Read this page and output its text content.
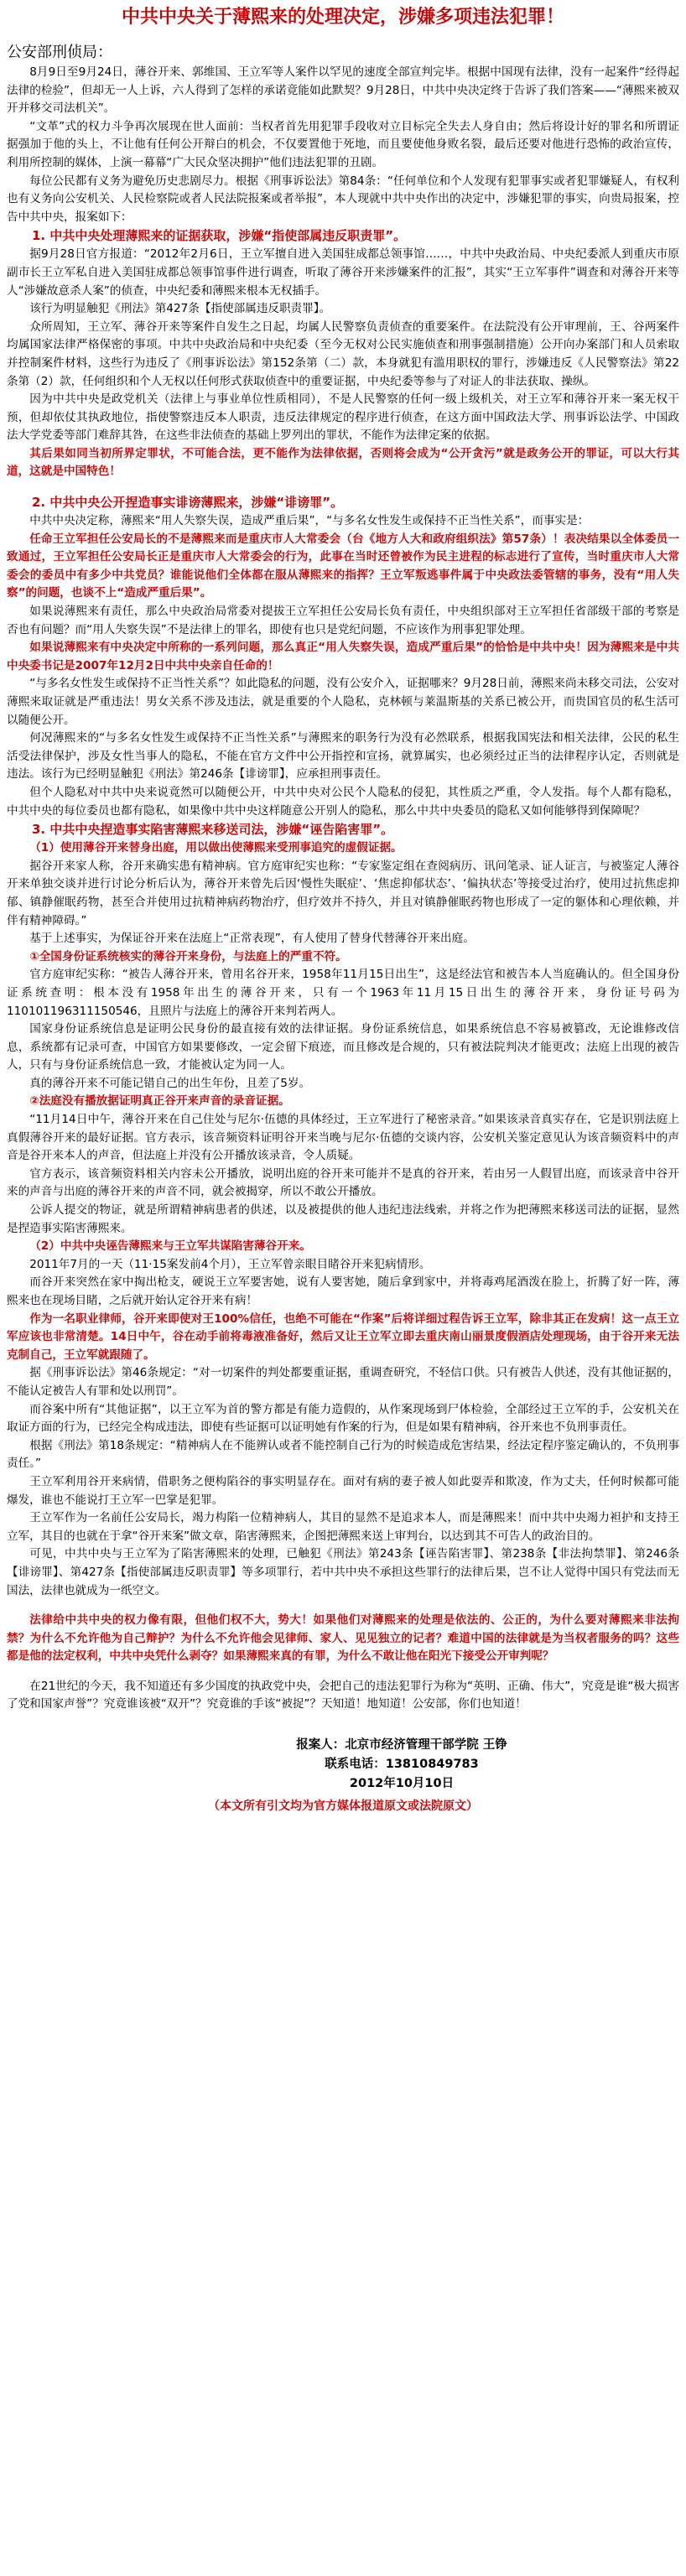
中共中央关于薄熙来的处理决定，涉嫌多项违法犯罪！
公安部刑侦局：
8月9日至9月24日，薄谷开来、郭维国、王立军等人案件以罕见的速度全部宣判完毕。根据中国现有法律，没有一起案件“经得起法律的检验”，但却无一人上诉，六人得到了怎样的承诺竟能如此默契？9月28日，中共中央决定终于告诉了我们答案——“薄熙来被双开并移交司法机关”。
“文革”式的权力斗争再次展现在世人面前：当权者首先用犯罪手段收对立目标完全失去人身自由；然后将设计好的罪名和所谓证据强加于他的头上，不让他有任何公开辩白的机会，不仅要置他于死地，而且要使他身败名裂，最后还要对他进行恐怖的政治宣传，利用所控制的媒体，上演一幕幕“广大民众坚决拥护”他们违法犯罪的丑剧。
每位公民都有义务为避免历史悲剧尽力。根据《刑事诉讼法》第84条：“任何单位和个人发现有犯罪事实或者犯罪嫌疑人，有权利也有义务向公安机关、人民检察院或者人民法院报案或者举报”，本人现就中共中央作出的决定中，涉嫌犯罪的事实，向贵局报案，控告中共中央，报案如下：
1. 中共中央处理薄熙来的证据获取，涉嫌“指使部属违反职责罪”。
据9月28日官方报道：“2012年2月6日，王立军擅自进入美国驻成都总领事馆……，中共中央政治局、中央纪委派人到重庆市原副市长王立军私自进入美国驻成都总领事馆事件进行调查，听取了薄谷开来涉嫌案件的汇报”，其实“王立军事件”调查和对薄谷开来等人“涉嫌故意杀人案”的侦查，中央纪委和薄熙来根本无权插手。
该行为明显触犯《刑法》第427条【指使部属违反职责罪】。
众所周知，王立军、薄谷开来等案件自发生之日起，均属人民警察负责侦查的重要案件。在法院没有公开审理前，王、谷两案件均属国家法律严格保密的事项。中共中央政治局和中央纪委（至今无权对公民实施侦查和刑事强制措施）公开向办案部门和人员索取并控制案件材料，这些行为违反了《刑事诉讼法》第152条第（二）款，本身就犯有滥用职权的罪行，涉嫌违反《人民警察法》第22条第（2）款，任何组织和个人无权以任何形式获取侦查中的重要证据，中央纪委等参与了对证人的非法获取、操纵。
因为中共中央是政党机关（法律上与事业单位性质相同），不是人民警察的任何一级上级机关，对王立军和薄谷开来一案无权干预，但却依仗其执政地位，指使警察违反本人职责，违反法律规定的程序进行侦查，在这方面中国政法大学、刑事诉讼法学、中国政法大学党委等部门难辞其咎，在这些非法侦查的基础上罗列出的罪状，不能作为法律定案的依据。
其后果如同当初所界定罪状，不可能合法，更不能作为法律依据，否则将会成为“公开贪污”就是政务公开的罪证，可以大行其道，这就是中国特色！
2. 中共中央公开捏造事实诽谤薄熙来，涉嫌“诽谤罪”。
中共中央决定称，薄熙来“用人失察失误，造成严重后果”，“与多名女性发生或保持不正当性关系”，而事实是：
任命王立军担任公安局长的不是薄熙来而是重庆市人大常委会（台《地方人大和政府组织法》第57条）！表决结果以全体委员一致通过，王立军担任公安局长正是重庆市人大常委会的行为，此事在当时还曾被作为民主进程的标志进行了宣传，当时重庆市人大常委会的委员中有多少中共党员？谁能说他们全体都在服从薄熙来的指挥？王立军叛逃事件属于中央政法委管辖的事务，没有“用人失察”的问题，也谈不上“造成严重后果”。
如果说薄熙来有责任，那么中央政治局常委对提拔王立军担任公安局长负有责任，中央组织部对王立军担任省部级干部的考察是否也有问题？而“用人失察失误”不是法律上的罪名，即使有也只是党纪问题，不应该作为刑事犯罪处理。
如果说薄熙来有中央决定中所称的一系列问题，那么真正“用人失察失误，造成严重后果”的恰恰是中共中央！因为薄熙来是中共中央委书记是2007年12月2日中共中央亲自任命的！
“与多名女性发生或保持不正当性关系”？如此隐私的问题，没有公安介入，证据哪来？9月28日前，薄熙来尚未移交司法，公安对薄熙来取证就是严重违法！男女关系不涉及违法，就是重要的个人隐私，克林顿与莱温斯基的关系已被公开，而贵国官员的私生活可以随便公开。
何况薄熙来的“与多名女性发生或保持不正当性关系”与薄熙来的职务行为没有必然联系，根据我国宪法和相关法律，公民的私生活受法律保护，涉及女性当事人的隐私，不能在官方文件中公开指控和宣扬，就算属实，也必须经过正当的法律程序认定，否则就是违法。该行为已经明显触犯《刑法》第246条【诽谤罪】，应承担刑事责任。
但个人隐私对中共中央来说竟然可以随便公开，中共中央对公民个人隐私的侵犯，其性质之严重，令人发指。每个人都有隐私，中共中央的每位委员也都有隐私，如果像中共中央这样随意公开别人的隐私，那么中共中央委员的隐私又如何能够得到保障呢？
3. 中共中央捏造事实陷害薄熙来移送司法，涉嫌“诬告陷害罪”。
（1）使用薄谷开来替身出庭，用以做出使薄熙来受刑事追究的虚假证据。
据谷开来家人称，谷开来确实患有精神病。官方庭审纪实也称：“专家鉴定组在查阅病历、讯问笔录、证人证言，与被鉴定人薄谷开来单独交谈并进行讨论分析后认为，薄谷开来曾先后因‘慢性失眠症’、‘焦虑抑郁状态’、‘偏执状态’等接受过治疗，使用过抗焦虑抑郁、镇静催眠药物，甚至合并使用过抗精神病药物治疗，但疗效并不持久，并且对镇静催眠药物也形成了一定的躯体和心理依赖，并伴有精神障碍。”
基于上述事实，为保证谷开来在法庭上“正常表现”，有人使用了替身代替薄谷开来出庭。
①全国身份证系统核实的薄谷开来身份，与法庭上的严重不符。
官方庭审纪实称：“被告人薄谷开来，曾用名谷开来，1958年11月15日出生”，这是经法官和被告本人当庭确认的。但全国身份证系统查明：根本没有1958年出生的薄谷开来，只有一个1963年11月15日出生的薄谷开来，身份证号码为110101196311150546，且照片与法庭上的薄谷开来判若两人。
国家身份证系统信息是证明公民身份的最直接有效的法律证据。身份证系统信息，如果系统信息不容易被篡改，无论谁修改信息，系统都有记录可查，中国官方如果要修改，一定会留下痕迹，而且修改是合规的，只有被法院判决才能更改；法庭上出现的被告人，只有与身份证系统信息一致，才能被认定为同一人。
真的薄谷开来不可能记错自己的出生年份，且差了5岁。
②法庭没有播放据证明真正谷开来声音的录音证据。
“11月14日中午，薄谷开来在自己住处与尼尔·伍德的具体经过，王立军进行了秘密录音。”如果该录音真实存在，它是识别法庭上真假薄谷开来的最好证据。官方表示，该音频资料证明谷开来当晚与尼尔·伍德的交谈内容，公安机关鉴定意见认为该音频资料中的声音是谷开来本人的声音，但法庭上并没有公开播放该录音，令人质疑。
官方表示，该音频资料相关内容未公开播放，说明出庭的谷开来可能并不是真的谷开来，若由另一人假冒出庭，而该录音中谷开来的声音与出庭的薄谷开来的声音不同，就会被揭穿，所以不敢公开播放。
公诉人提交的物证，就是所谓精神病患者的供述，以及被提供的他人违纪违法线索，并将之作为把薄熙来移送司法的证据，显然是捏造事实陷害薄熙来。
（2）中共中央诬告薄熙来与王立军共谋陷害薄谷开来。
2011年7月的一天（11·15案发前4个月），王立军曾亲眼目睹谷开来犯病情形。
而谷开来突然在家中掏出枪支，硬说王立军要害她，说有人要害她，随后拿到家中，并将毒鸡尾酒泼在脸上，折腾了好一阵，薄熙来也在现场目睹，之后就开始认定谷开来有病！
作为一名职业律师，谷开来即使对王100%信任，也绝不可能在“作案”后将详细过程告诉王立军，除非其正在发病！这一点王立军应该也非常清楚。14日中午，谷在动手前将毒液准备好，然后又让王立军立即去重庆南山丽景度假酒店处理现场，由于谷开来无法克制自己，王立军就跟随了。
据《刑事诉讼法》第46条规定：“对一切案件的判处都要重证据，重调查研究，不轻信口供。只有被告人供述，没有其他证据的，不能认定被告人有罪和处以刑罚”。
而谷案中所有“其他证据”，以王立军为首的警方都是有能力造假的，从作案现场到尸体检验，全部经过王立军的手，公安机关在取证方面的行为，已经完全构成违法，即使有些证据可以证明她有作案的行为，但是如果有精神病，谷开来也不负刑事责任。
根据《刑法》第18条规定：“精神病人在不能辨认或者不能控制自己行为的时候造成危害结果，经法定程序鉴定确认的，不负刑事责任。”
王立军利用谷开来病情，借职务之便构陷谷的事实明显存在。面对有病的妻子被人如此耍弄和欺凌，作为丈夫，任何时候都可能爆发，谁也不能说打王立军一巴掌是犯罪。
王立军作为一名前任公安局长，竭力构陷一位精神病人，其目的显然不是追求本人，而是薄熙来！而中共中央竭力袒护和支持王立军，其目的也就在于拿“谷开来案”做文章，陷害薄熙来，企图把薄熙来送上审判台，以达到其不可告人的政治目的。
可见，中共中央与王立军为了陷害薄熙来的处理，已触犯《刑法》第243条【诬告陷害罪】、第238条【非法拘禁罪】、第246条【诽谤罪】、第427条【指使部属违反职责罪】等多项罪行，若中共中央不承担这些罪行的法律后果，岂不让人觉得中国只有党法而无国法，法律也就成为一纸空文。
法律给中共中央的权力像有限，但他们权不大，势大！如果他们对薄熙来的处理是依法的、公正的，为什么要对薄熙来非法拘禁？为什么不允许他为自己辩护？为什么不允许他会见律师、家人、见见独立的记者？难道中国的法律就是为当权者服务的吗？这些都是他的法定权利，中共中央凭什么剥夺？如果薄熙来真的有罪，为什么不敢让他在阳光下接受公开审判呢？
在21世纪的今天，我不知道还有多少国度的执政党中央，会把自己的违法犯罪行为称为“英明、正确、伟大”，究竟是谁“极大损害了党和国家声誉”？究竟谁该被“双开”？究竟谁的手该“被捉”？天知道！地知道！公安部，你们也知道！
报案人：北京市经济管理干部学院 王铮
联系电话：13810849783
2012年10月10日
（本文所有引文均为官方媒体报道原文或法院原文）
